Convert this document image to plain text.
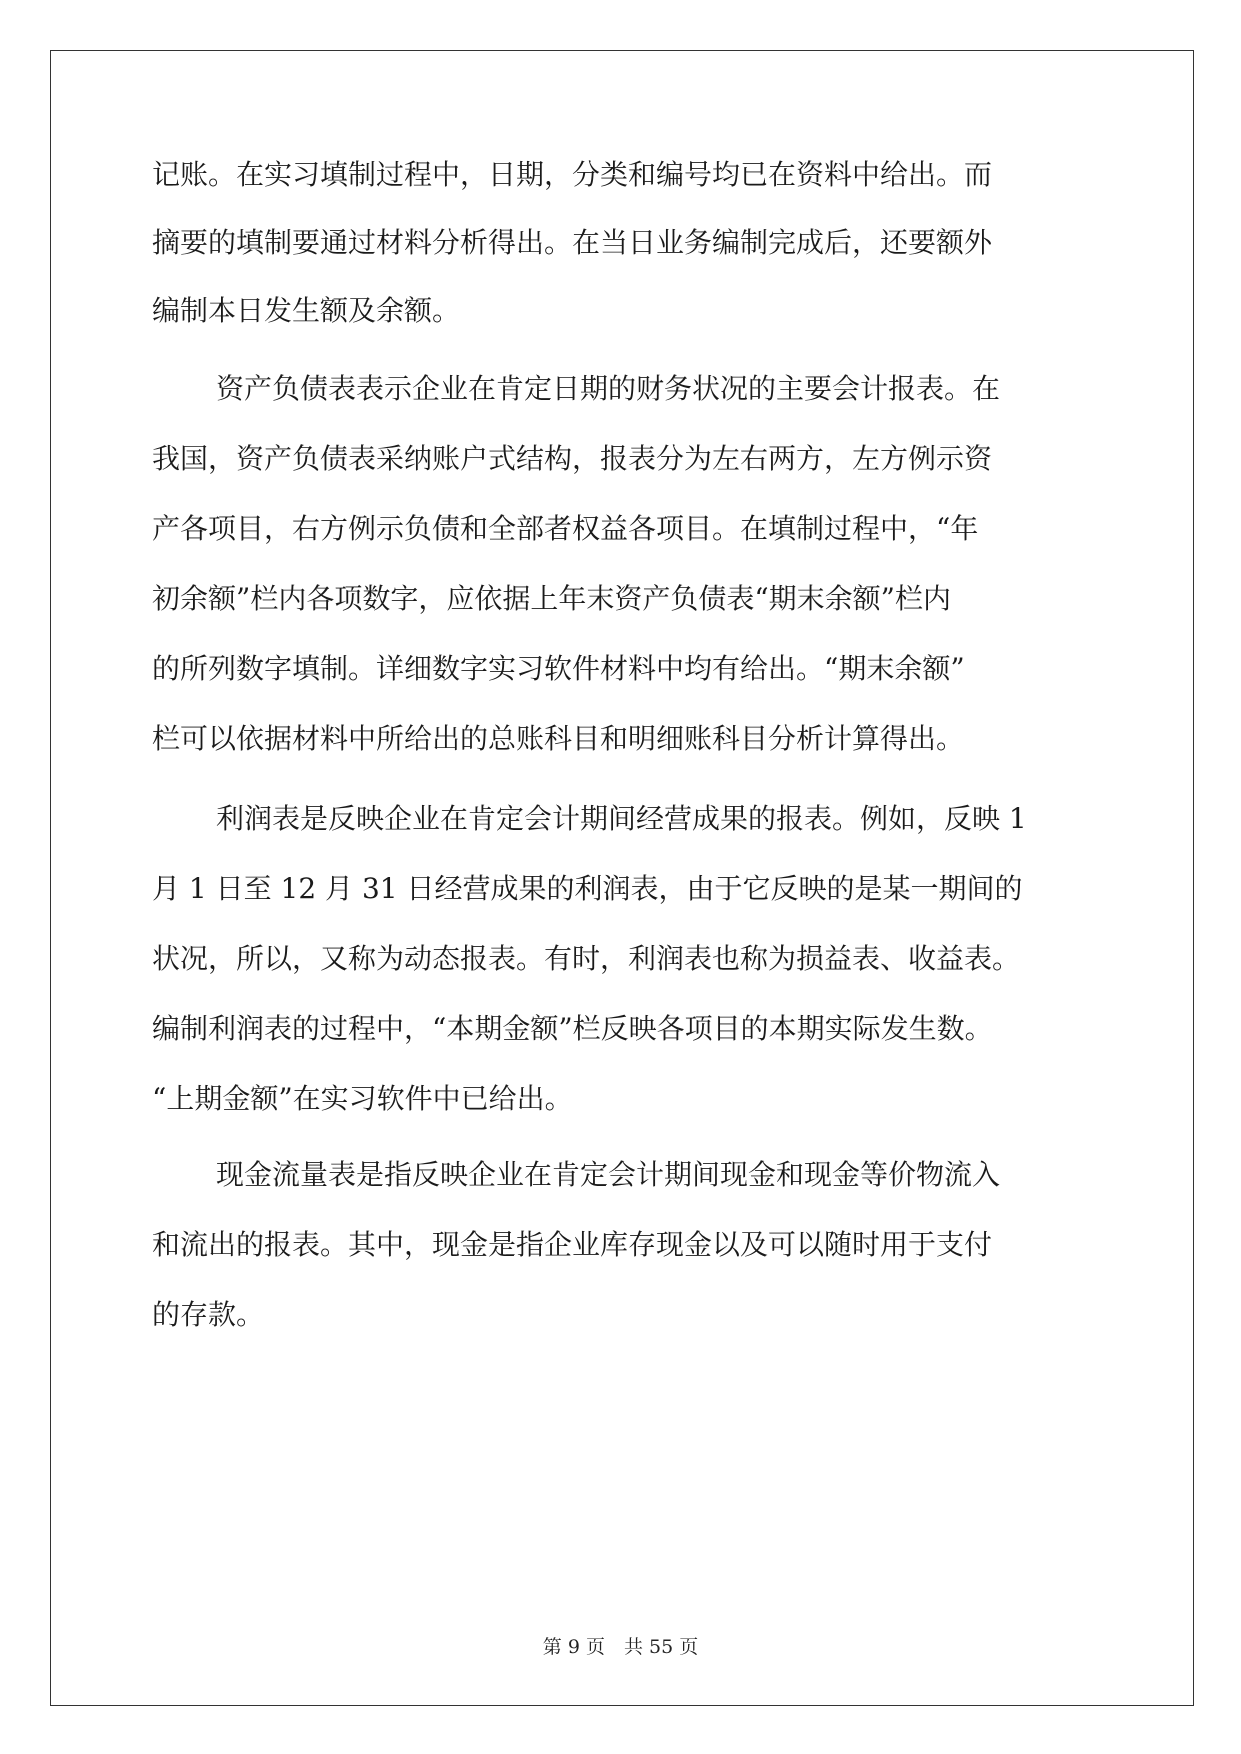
记账。在实习填制过程中，日期，分类和编号均已在资料中给出。而
摘要的填制要通过材料分析得出。在当日业务编制完成后，还要额外
编制本日发生额及余额。
资产负债表表示企业在肯定日期的财务状况的主要会计报表。在
我国，资产负债表采纳账户式结构，报表分为左右两方，左方例示资
产各项目，右方例示负债和全部者权益各项目。在填制过程中，“年
初余额”栏内各项数字，应依据上年末资产负债表“期末余额”栏内
的所列数字填制。详细数字实习软件材料中均有给出。“期末余额”
栏可以依据材料中所给出的总账科目和明细账科目分析计算得出。
利润表是反映企业在肯定会计期间经营成果的报表。例如，反映 1
月 1 日至 12 月 31 日经营成果的利润表，由于它反映的是某一期间的
状况，所以，又称为动态报表。有时，利润表也称为损益表、收益表。
编制利润表的过程中，“本期金额”栏反映各项目的本期实际发生数。
“上期金额”在实习软件中已给出。
现金流量表是指反映企业在肯定会计期间现金和现金等价物流入
和流出的报表。其中，现金是指企业库存现金以及可以随时用于支付
的存款。
第 9 页　共 55 页
